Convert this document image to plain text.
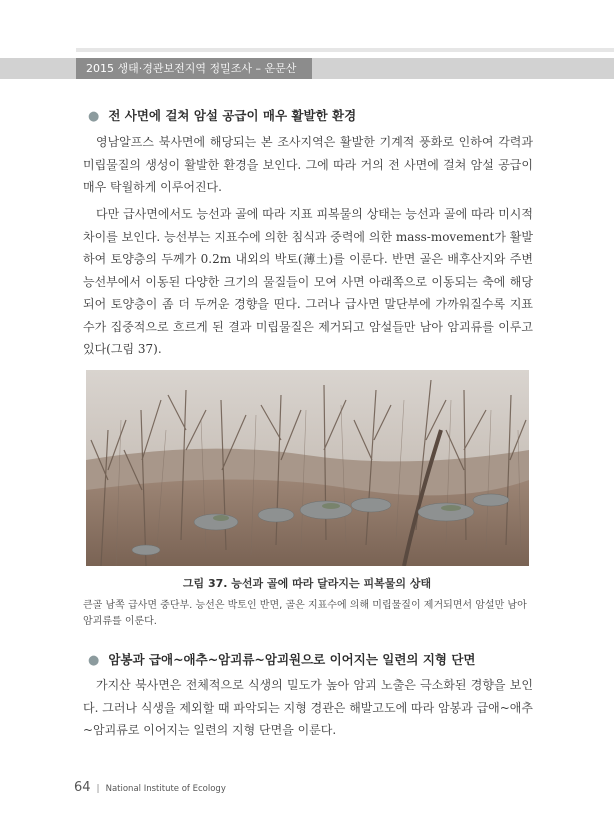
2015 생태·경관보전지역 정밀조사 – 운문산
● 전 사면에 걸쳐 암설 공급이 매우 활발한 환경

영남알프스 북사면에 해당되는 본 조사지역은 활발한 기계적 풍화로 인하여 각력과 미립물질의 생성이 활발한 환경을 보인다. 그에 따라 거의 전 사면에 걸쳐 암설 공급이 매우 탁월하게 이루어진다.

다만 급사면에서도 능선과 골에 따라 지표 피복물의 상태는 능선과 골에 따라 미시적 차이를 보인다. 능선부는 지표수에 의한 침식과 중력에 의한 mass-movement가 활발하여 토양층의 두께가 0.2m 내외의 박토(薄土)를 이룬다. 반면 골은 배후산지와 주변 능선부에서 이동된 다양한 크기의 물질들이 모여 사면 아래쪽으로 이동되는 축에 해당되어 토양층이 좀 더 두꺼운 경향을 띤다. 그러나 급사면 말단부에 가까워질수록 지표수가 집중적으로 흐르게 된 결과 미립물질은 제거되고 암설들만 남아 암괴류를 이루고 있다(그림 37).

그림 37. 능선과 골에 따라 달라지는 피복물의 상태

큰골 남쪽 급사면 중단부. 능선은 박토인 반면, 골은 지표수에 의해 미립물질이 제거되면서 암설만 남아 암괴류를 이룬다.

● 암봉과 급애~애추~암괴류~암괴원으로 이어지는 일련의 지형 단면

가지산 북사면은 전체적으로 식생의 밀도가 높아 암괴 노출은 극소화된 경향을 보인다. 그러나 식생을 제외할 때 파악되는 지형 경관은 해발고도에 따라 암봉과 급애~애추~암괴류로 이어지는 일련의 지형 단면을 이룬다.

64 | National Institute of Ecology
